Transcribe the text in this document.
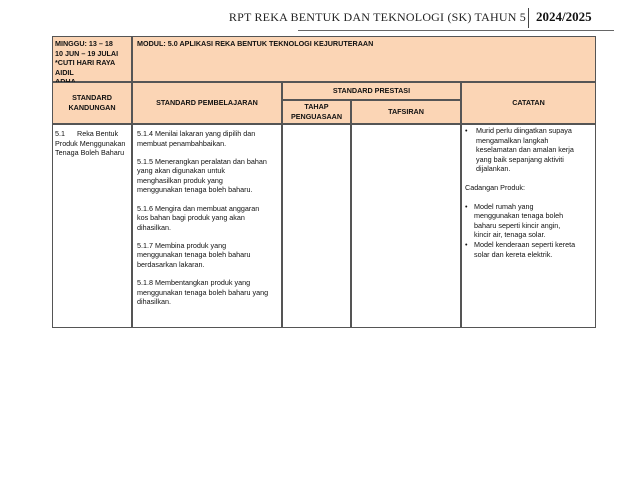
RPT REKA BENTUK DAN TEKNOLOGI (SK) TAHUN 5 2024/2025
MINGGU: 13 – 18
10 JUN – 19 JULAI
*CUTI HARI RAYA AIDIL
MODUL: 5.0 APLIKASI REKA BENTUK TEKNOLOGI KEJURUTERAAN
STANDARD
KANDUNGAN
STANDARD PEMBELAJARAN
STANDARD PRESTASI
TAHAP
PENGUASAAN
TAFSIRAN
CATATAN
5.1 Reka Bentuk
Produk Menggunakan
Tenaga Boleh Baharu
5.1.4 Menilai lakaran yang dipilih dan
membuat penambahbaikan.
5.1.5 Menerangkan peralatan dan bahan
yang akan digunakan untuk
menghasilkan produk yang
menggunakan tenaga boleh baharu.
5.1.6 Mengira dan membuat anggaran
kos bahan bagi produk yang akan
dihasilkan.
5.1.7 Membina produk yang
menggunakan tenaga boleh baharu
berdasarkan lakaran.
5.1.8 Membentangkan produk yang
menggunakan tenaga boleh baharu yang
dihasilkan.
• Murid perlu diingatkan supaya
mengamalkan langkah
keselamatan dan amalan kerja
yang baik sepanjang aktiviti
dijalankan.
Cadangan Produk:
• Model rumah yang
menggunakan tenaga boleh
baharu seperti kincir angin,
kincir air, tenaga solar.
• Model kenderaan seperti kereta
solar dan kereta elektrik.
